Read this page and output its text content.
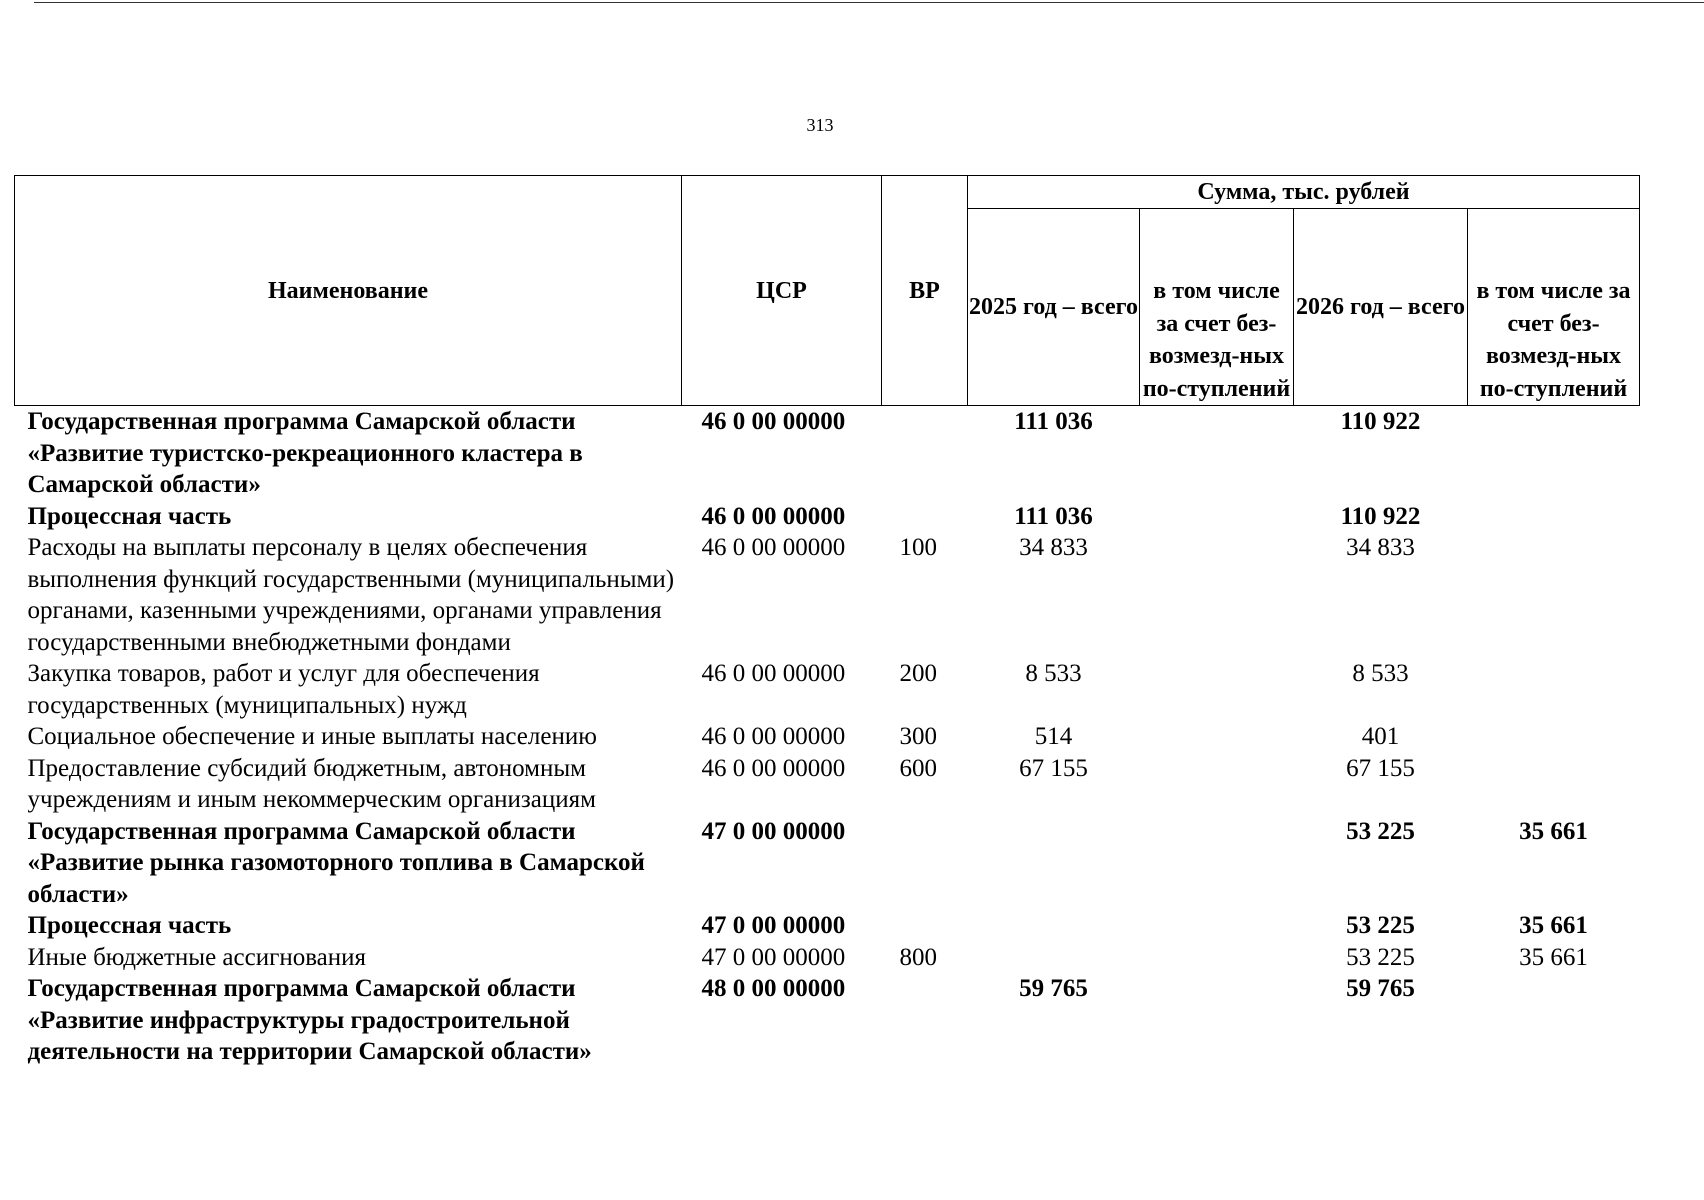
313
Наименование	ЦСР	ВР	Сумма, тыс. рублей			
			2025 год – всего	в том числе за счет без-возмезд-ных по-ступлений	2026 год – всего	в том числе за счет без-возмезд-ных по-ступлений
Государственная программа Самарской области «Развитие туристско-рекреационного кластера в Самарской области»	46 0 00 00000		111 036		110 922	
Процессная часть	46 0 00 00000		111 036		110 922	
Расходы на выплаты персоналу в целях обеспечения выполнения функций государственными (муниципальными) органами, казенными учреждениями, органами управления государственными внебюджетными фондами	46 0 00 00000	100	34 833		34 833	
Закупка товаров, работ и услуг для обеспечения государственных (муниципальных) нужд	46 0 00 00000	200	8 533		8 533	
Социальное обеспечение и иные выплаты населению	46 0 00 00000	300	514		401	
Предоставление субсидий бюджетным, автономным учреждениям и иным некоммерческим организациям	46 0 00 00000	600	67 155		67 155	
Государственная программа Самарской области «Развитие рынка газомоторного топлива в Самарской области»	47 0 00 00000				53 225	35 661
Процессная часть	47 0 00 00000				53 225	35 661
Иные бюджетные ассигнования	47 0 00 00000	800			53 225	35 661
Государственная программа Самарской области «Развитие инфраструктуры градостроительной деятельности на территории Самарской области»	48 0 00 00000		59 765		59 765	
